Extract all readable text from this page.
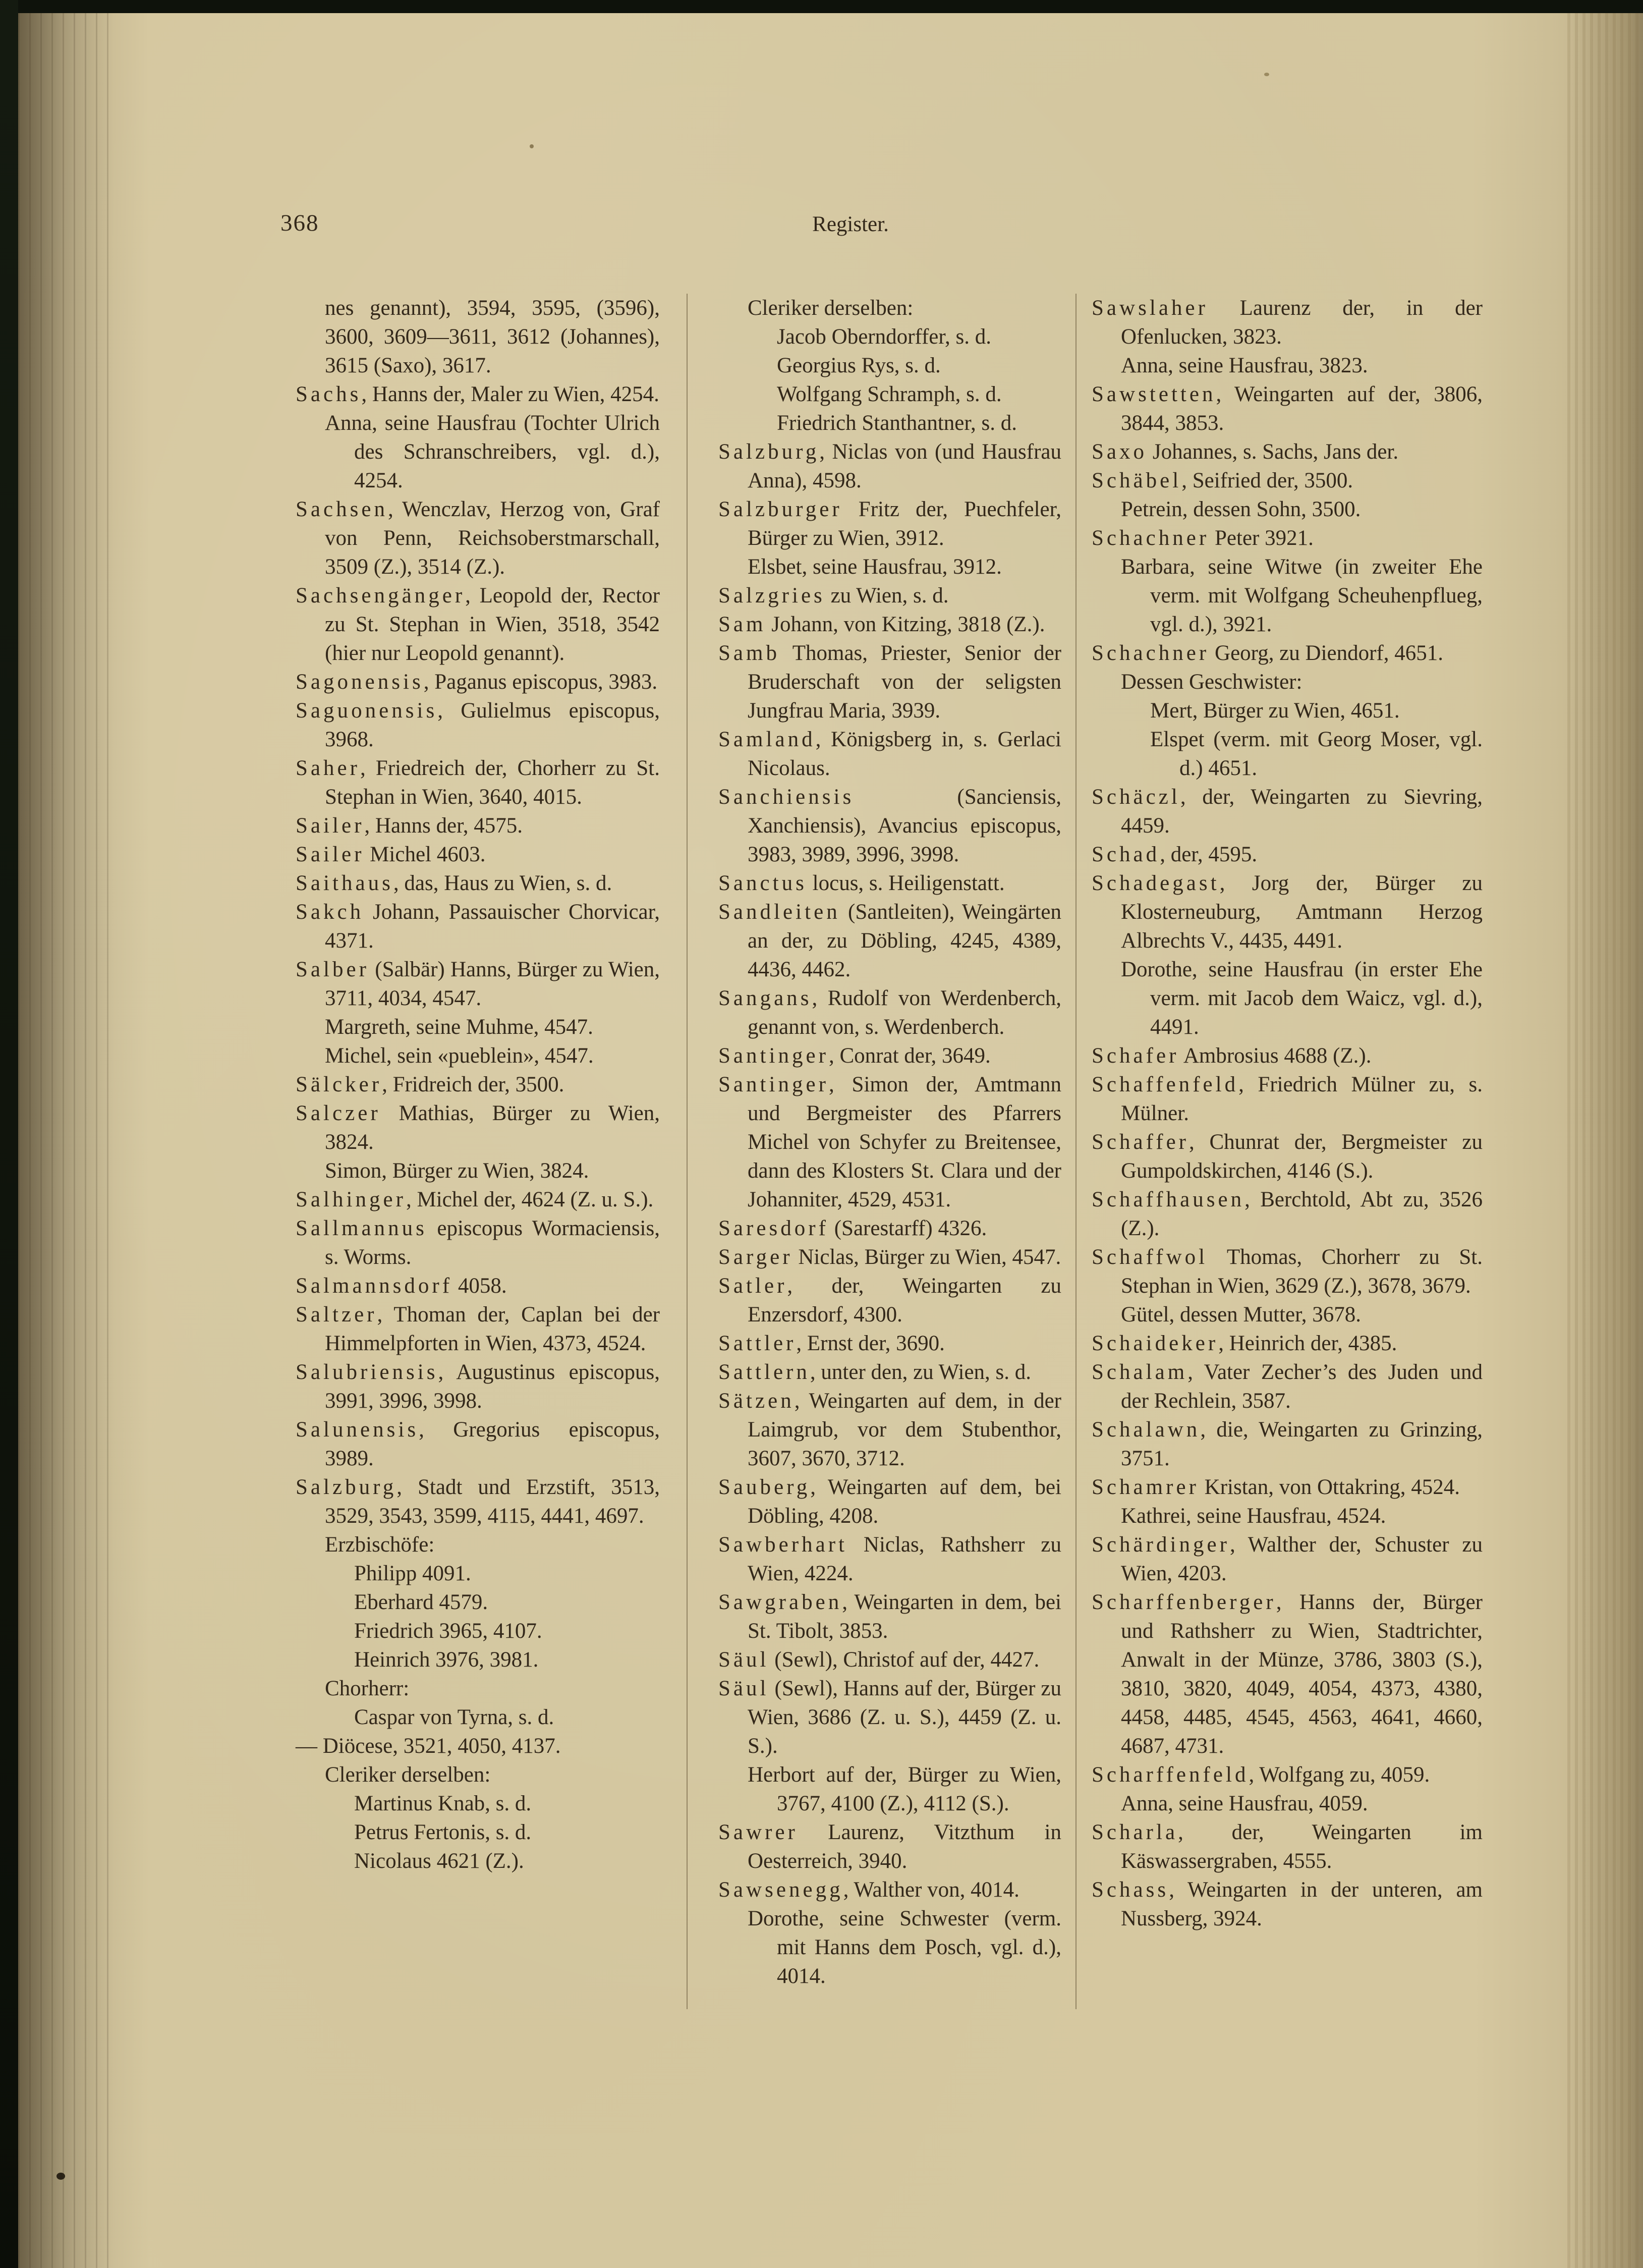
368	Register.

nes genannt), 3594, 3595, (3596), 3600, 3609—3611, 3612 (Johannes), 3615 (Saxo), 3617.

Sachs, Hanns der, Maler zu Wien, 4254.

Anna, seine Hausfrau (Tochter Ulrich des Schranschreibers, vgl. d.), 4254.

Sachsen, Wenczlav, Herzog von, Graf von Penn, Reichsoberstmarschall, 3509 (Z.), 3514 (Z.).

Sachsengänger, Leopold der, Rector zu St. Stephan in Wien, 3518, 3542 (hier nur Leopold genannt).

Sagonensis, Paganus episcopus, 3983.

Saguonensis, Gulielmus episcopus, 3968.

Saher, Friedreich der, Chorherr zu St. Stephan in Wien, 3640, 4015.

Sailer, Hanns der, 4575.

Sailer Michel 4603.

Saithaus, das, Haus zu Wien, s. d.

Sakch Johann, Passauischer Chorvicar, 4371.

Salber (Salbär) Hanns, Bürger zu Wien, 3711, 4034, 4547.

Margreth, seine Muhme, 4547.

Michel, sein «pueblein», 4547.

Sälcker, Fridreich der, 3500.

Salczer Mathias, Bürger zu Wien, 3824.

Simon, Bürger zu Wien, 3824.

Salhinger, Michel der, 4624 (Z. u. S.).

Sallmannus episcopus Wormaciensis, s. Worms.

Salmannsdorf 4058.

Saltzer, Thoman der, Caplan bei der Himmelpforten in Wien, 4373, 4524.

Salubriensis, Augustinus episcopus, 3991, 3996, 3998.

Salunensis, Gregorius episcopus, 3989.

Salzburg, Stadt und Erzstift, 3513, 3529, 3543, 3599, 4115, 4441, 4697.

Erzbischöfe:

Philipp 4091.

Eberhard 4579.

Friedrich 3965, 4107.

Heinrich 3976, 3981.

Chorherr:

Caspar von Tyrna, s. d.

— Diöcese, 3521, 4050, 4137.

Cleriker derselben:

Martinus Knab, s. d.

Petrus Fertonis, s. d.

Nicolaus 4621 (Z.).

Cleriker derselben:

Jacob Oberndorffer, s. d.

Georgius Rys, s. d.

Wolfgang Schramph, s. d.

Friedrich Stanthantner, s. d.

Salzburg, Niclas von (und Hausfrau Anna), 4598.

Salzburger Fritz der, Puechfeler, Bürger zu Wien, 3912.

Elsbet, seine Hausfrau, 3912.

Salzgries zu Wien, s. d.

Sam Johann, von Kitzing, 3818 (Z.).

Samb Thomas, Priester, Senior der Bruderschaft von der seligsten Jungfrau Maria, 3939.

Samland, Königsberg in, s. Gerlaci Nicolaus.

Sanchiensis (Sanciensis, Xanchiensis), Avancius episcopus, 3983, 3989, 3996, 3998.

Sanctus locus, s. Heiligenstatt.

Sandleiten (Santleiten), Weingärten an der, zu Döbling, 4245, 4389, 4436, 4462.

Sangans, Rudolf von Werdenberch, genannt von, s. Werdenberch.

Santinger, Conrat der, 3649.

Santinger, Simon der, Amtmann und Bergmeister des Pfarrers Michel von Schyfer zu Breitensee, dann des Klosters St. Clara und der Johanniter, 4529, 4531.

Saresdorf (Sarestarff) 4326.

Sarger Niclas, Bürger zu Wien, 4547.

Satler, der, Weingarten zu Enzersdorf, 4300.

Sattler, Ernst der, 3690.

Sattlern, unter den, zu Wien, s. d.

Sätzen, Weingarten auf dem, in der Laimgrub, vor dem Stubenthor, 3607, 3670, 3712.

Sauberg, Weingarten auf dem, bei Döbling, 4208.

Sawberhart Niclas, Rathsherr zu Wien, 4224.

Sawgraben, Weingarten in dem, bei St. Tibolt, 3853.

Säul (Sewl), Christof auf der, 4427.

Säul (Sewl), Hanns auf der, Bürger zu Wien, 3686 (Z. u. S.), 4459 (Z. u. S.).

Herbort auf der, Bürger zu Wien, 3767, 4100 (Z.), 4112 (S.).

Sawrer Laurenz, Vitzthum in Oesterreich, 3940.

Sawsenegg, Walther von, 4014.

Dorothe, seine Schwester (verm. mit Hanns dem Posch, vgl. d.), 4014.

Sawslaher Laurenz der, in der Ofenlucken, 3823.

Anna, seine Hausfrau, 3823.

Sawstetten, Weingarten auf der, 3806, 3844, 3853.

Saxo Johannes, s. Sachs, Jans der.

Schäbel, Seifried der, 3500.

Petrein, dessen Sohn, 3500.

Schachner Peter 3921.

Barbara, seine Witwe (in zweiter Ehe verm. mit Wolfgang Scheuhenpflueg, vgl. d.), 3921.

Schachner Georg, zu Diendorf, 4651.

Dessen Geschwister:

Mert, Bürger zu Wien, 4651.

Elspet (verm. mit Georg Moser, vgl. d.) 4651.

Schäczl, der, Weingarten zu Sievring, 4459.

Schad, der, 4595.

Schadegast, Jorg der, Bürger zu Klosterneuburg, Amtmann Herzog Albrechts V., 4435, 4491.

Dorothe, seine Hausfrau (in erster Ehe verm. mit Jacob dem Waicz, vgl. d.), 4491.

Schafer Ambrosius 4688 (Z.).

Schaffenfeld, Friedrich Mülner zu, s. Mülner.

Schaffer, Chunrat der, Bergmeister zu Gumpoldskirchen, 4146 (S.).

Schaffhausen, Berchtold, Abt zu, 3526 (Z.).

Schaffwol Thomas, Chorherr zu St. Stephan in Wien, 3629 (Z.), 3678, 3679.

Gütel, dessen Mutter, 3678.

Schaideker, Heinrich der, 4385.

Schalam, Vater Zecher’s des Juden und der Rechlein, 3587.

Schalawn, die, Weingarten zu Grinzing, 3751.

Schamrer Kristan, von Ottakring, 4524.

Kathrei, seine Hausfrau, 4524.

Schärdinger, Walther der, Schuster zu Wien, 4203.

Scharffenberger, Hanns der, Bürger und Rathsherr zu Wien, Stadtrichter, Anwalt in der Münze, 3786, 3803 (S.), 3810, 3820, 4049, 4054, 4373, 4380, 4458, 4485, 4545, 4563, 4641, 4660, 4687, 4731.

Scharffenfeld, Wolfgang zu, 4059.

Anna, seine Hausfrau, 4059.

Scharla, der, Weingarten im Käswassergraben, 4555.

Schass, Weingarten in der unteren, am Nussberg, 3924.
